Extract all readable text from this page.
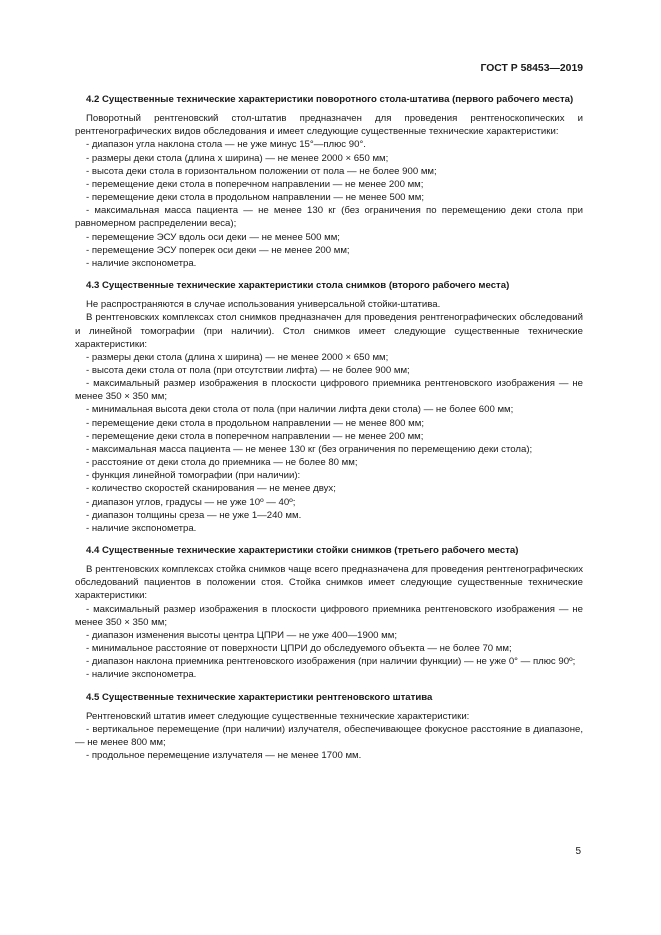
ГОСТ Р 58453—2019
4.2 Существенные технические характеристики поворотного стола-штатива (первого рабочего места)

Поворотный рентгеновский стол-штатив предназначен для проведения рентгеноскопических и рентгенографических видов обследования и имеет следующие существенные технические характеристики:

- диапазон угла наклона стола — не уже минус 15°—плюс 90°.

- размеры деки стола (длина х ширина) — не менее 2000 × 650 мм;

- высота деки стола в горизонтальном положении от пола — не более 900 мм;

- перемещение деки стола в поперечном направлении — не менее 200 мм;

- перемещение деки стола в продольном направлении — не менее 500 мм;

- максимальная масса пациента — не менее 130 кг (без ограничения по перемещению деки стола при равномерном распределении веса);

- перемещение ЭСУ вдоль оси деки — не менее 500 мм;

- перемещение ЭСУ поперек оси деки — не менее 200 мм;

- наличие экспонометра.

4.3 Существенные технические характеристики стола снимков (второго рабочего места)

Не распространяются в случае использования универсальной стойки-штатива.

В рентгеновских комплексах стол снимков предназначен для проведения рентгенографических обследований и линейной томографии (при наличии). Стол снимков имеет следующие существенные технические характеристики:

- размеры деки стола (длина х ширина) — не менее 2000 × 650 мм;

- высота деки стола от пола (при отсутствии лифта) — не более 900 мм;

- максимальный размер изображения в плоскости цифрового приемника рентгеновского изображения — не менее 350 × 350 мм;

- минимальная высота деки стола от пола (при наличии лифта деки стола) — не более 600 мм;

- перемещение деки стола в продольном направлении — не менее 800 мм;

- перемещение деки стола в поперечном направлении — не менее 200 мм;

- максимальная масса пациента — не менее 130 кг (без ограничения по перемещению деки стола);

- расстояние от деки стола до приемника — не более 80 мм;

- функция линейной томографии (при наличии):

- количество скоростей сканирования — не менее двух;

- диапазон углов, градусы — не уже 10º — 40º;

- диапазон толщины среза — не уже 1—240 мм.

- наличие экспонометра.

4.4 Существенные технические характеристики стойки снимков (третьего рабочего места)

В рентгеновских комплексах стойка снимков чаще всего предназначена для проведения рентгенографических обследований пациентов в положении стоя. Стойка снимков имеет следующие существенные технические характеристики:

- максимальный размер изображения в плоскости цифрового приемника рентгеновского изображения — не менее 350 × 350 мм;

- диапазон изменения высоты центра ЦПРИ — не уже 400—1900 мм;

- минимальное расстояние от поверхности ЦПРИ до обследуемого объекта — не более 70 мм;

- диапазон наклона приемника рентгеновского изображения (при наличии функции) — не уже 0° — плюс 90º;

- наличие экспонометра.

4.5 Существенные технические характеристики рентгеновского штатива

Рентгеновский штатив имеет следующие существенные технические характеристики:

- вертикальное перемещение (при наличии) излучателя, обеспечивающее фокусное расстояние в диапазоне, — не менее 800 мм;

- продольное перемещение излучателя — не менее 1700 мм.

5
